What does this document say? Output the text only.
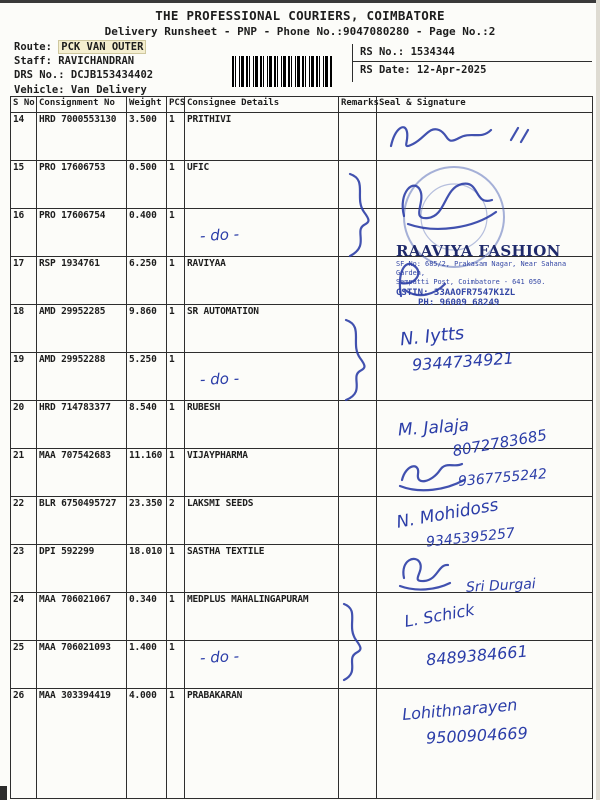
THE PROFESSIONAL COURIERS, COIMBATORE
Delivery Runsheet - PNP - Phone No.:9047080280 - Page No.:2
Route: PCK VAN OUTER
Staff: RAVICHANDRAN
DRS No.: DCJB153434402
Vehicle: Van Delivery
RS No.: 1534344
RS Date: 12-Apr-2025
S No	Consignment No	Weight	PCS	Consignee Details	Remarks	Seal & Signature
14	HRD 7000553130	3.500	1	PRITHIVI		
15	PRO 17606753	0.500	1	UFIC		
16	PRO 17606754	0.400	1			
17	RSP 1934761	6.250	1	RAVIYAA		
18	AMD 29952285	9.860	1	SR AUTOMATION		
19	AMD 29952288	5.250	1			
20	HRD 714783377	8.540	1	RUBESH		
21	MAA 707542683	11.160	1	VIJAYPHARMA		
22	BLR 6750495727	23.350	2	LAKSMI SEEDS		
23	DPI 592299	18.010	1	SASTHA TEXTILE		
24	MAA 706021067	0.340	1	MEDPLUS MAHALINGAPURAM		
25	MAA 706021093	1.400	1			
26	MAA 303394419	4.000	1	PRABAKARAN		
RAAVIYA FASHION
SF No: 685/2, Prakasam Nagar, Near Sahana Garden,
Sempatti Post, Coimbatore - 641 050.
GSTIN: 33AAOFR7547K1ZL
PH: 96009 68249
N. Iytts
9344734921
M. Jalaja
8072783685
9367755242
N. Mohidoss
9345395257
Sri Durgai
L. Schick
8489384661
Lohithnarayen
9500904669
- do -
- do -
- do -
